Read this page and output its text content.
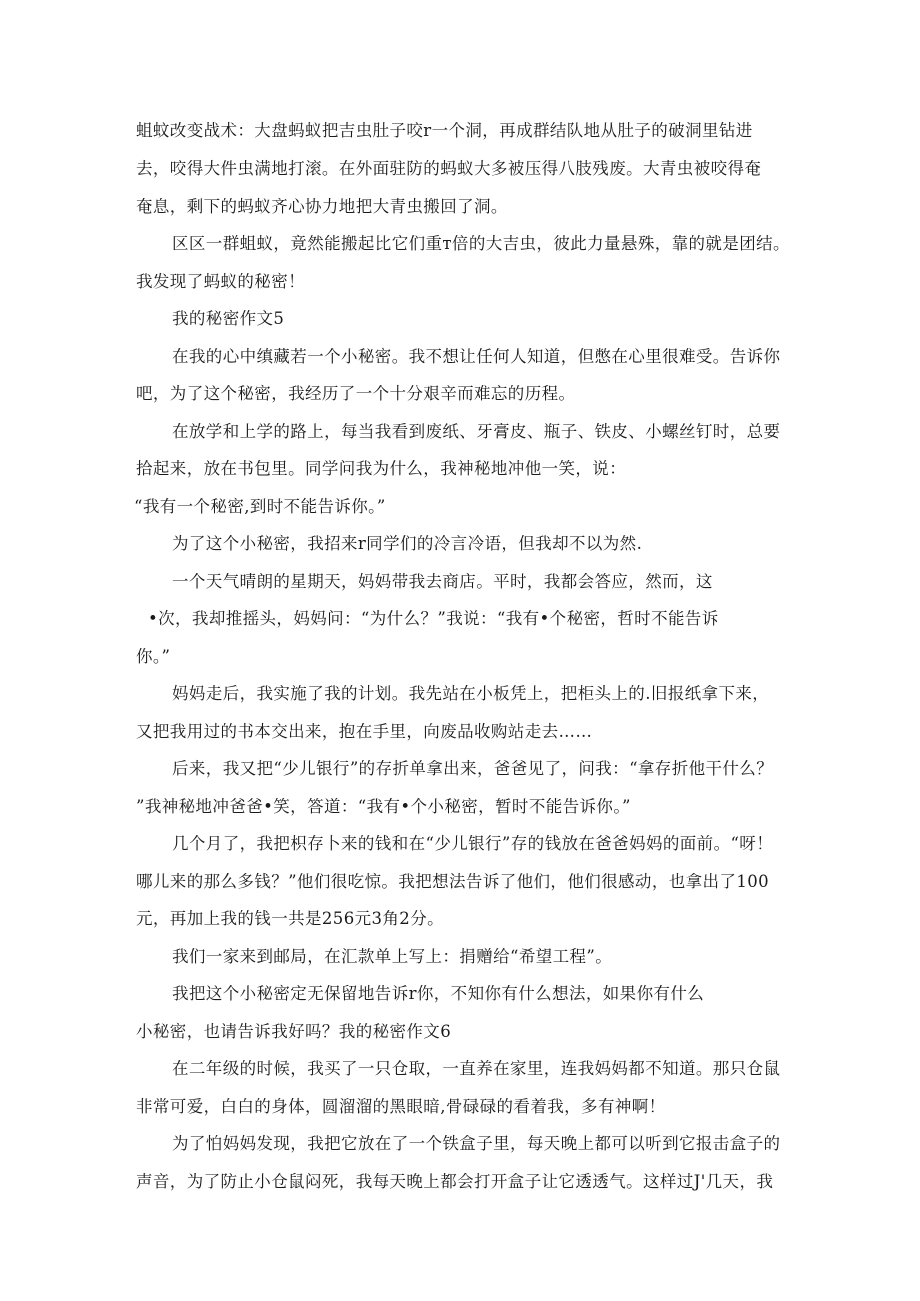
蛆蚊改变战术：大盘蚂蚁把吉虫肚子咬r一个洞，再成群结队地从肚子的破洞里钻进
去，咬得大件虫满地打滚。在外面驻防的蚂蚁大多被压得八肢残废。大青虫被咬得奄
奄息，剩下的蚂蚁齐心协力地把大青虫搬回了洞。
区区一群蛆蚁，竟然能搬起比它们重т倍的大吉虫，彼此力量悬殊，靠的就是团结。
我发现了蚂蚁的秘密！
我的秘密作文5
在我的心中缜藏若一个小秘密。我不想让任何人知道，但憋在心里很难受。告诉你
吧，为了这个秘密，我经历了一个十分艰辛而难忘的历程。
在放学和上学的路上，每当我看到废纸、牙膏皮、瓶子、铁皮、小螺丝钉时，总要
拾起来，放在书包里。同学问我为什么，我神秘地冲他一笑，说：
“我有一个秘密,到时不能告诉你。”
为了这个小秘密，我招来r同学们的冷言冷语，但我却不以为然.
一个天气晴朗的星期天，妈妈带我去商店。平时，我都会答应，然而，这
•次，我却推摇头，妈妈问：“为什么？”我说：“我有•个秘密，哲时不能告诉
你。”
妈妈走后，我实施了我的计划。我先站在小板凭上，把柜头上的.旧报纸拿下来，
又把我用过的书本交出来，抱在手里，向废品收购站走去……
后来，我又把“少儿银行”的存折单拿出来，爸爸见了，问我：“拿存折他干什么？
”我神秘地冲爸爸•笑，答道：“我有•个小秘密，暂时不能告诉你。”
几个月了，我把枳存卜来的钱和在“少儿银行”存的钱放在爸爸妈妈的面前。“呀！
哪儿来的那么多钱？”他们很吃惊。我把想法告诉了他们，他们很感动，也拿出了100
元，再加上我的钱一共是256元3角2分。
我们一家来到邮局，在汇款单上写上：捐赠给“希望工程”。
我把这个小秘密定无保留地告诉r你，不知你有什么想法，如果你有什么
小秘密，也请告诉我好吗？我的秘密作文6
在二年级的时候，我买了一只仓取，一直养在家里，连我妈妈都不知道。那只仓鼠
非常可爱，白白的身体，圆溜溜的黑眼暗,骨碌碌的看着我，多有神啊！
为了怕妈妈发现，我把它放在了一个铁盒子里，每天晚上都可以听到它报击盒子的
声音，为了防止小仓鼠闷死，我每天晚上都会打开盒子让它透透气。这样过J'几天，我
